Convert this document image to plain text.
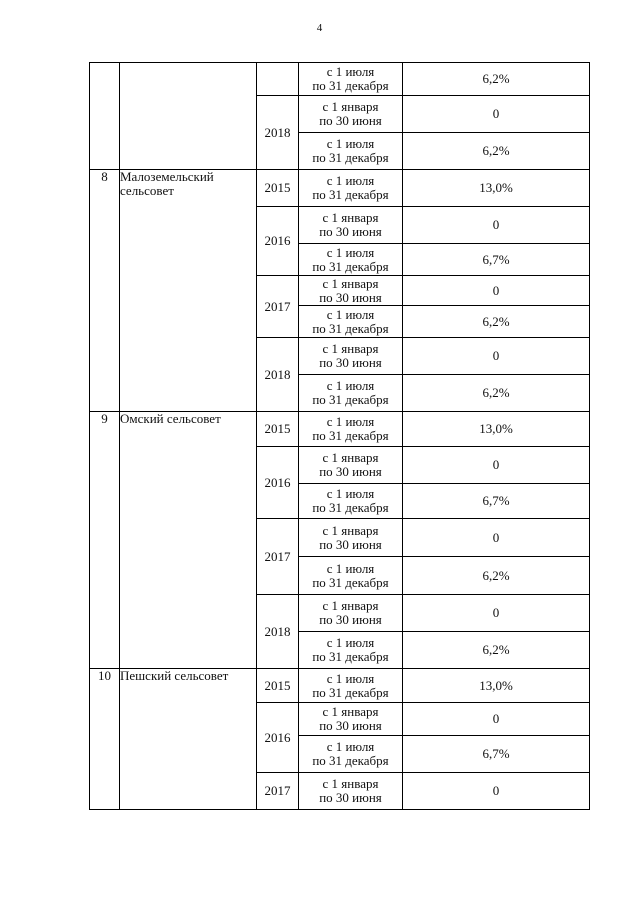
4

			с 1 июля
по 31 декабря	6,2%
		2018	с 1 января
по 30 июня	0

			с 1 июля
по 31 декабря	6,2%
8	Малоземельский
сельсовет	2015	с 1 июля
по 31 декабря	13,0%
		2016	с 1 января
по 30 июня	0

			с 1 июля
по 31 декабря	6,7%
		2017	с 1 января
по 30 июня	0

			с 1 июля
по 31 декабря	6,2%
		2018	с 1 января
по 30 июня	0

			с 1 июля
по 31 декабря	6,2%
9	Омский сельсовет	2015	с 1 июля
по 31 декабря	13,0%
		2016	с 1 января
по 30 июня	0

			с 1 июля
по 31 декабря	6,7%
		2017	с 1 января
по 30 июня	0

			с 1 июля
по 31 декабря	6,2%
		2018	с 1 января
по 30 июня	0

			с 1 июля
по 31 декабря	6,2%
10	Пешский сельсовет	2015	с 1 июля
по 31 декабря	13,0%
		2016	с 1 января
по 30 июня	0

			с 1 июля
по 31 декабря	6,7%
		2017	с 1 января
по 30 июня	0
